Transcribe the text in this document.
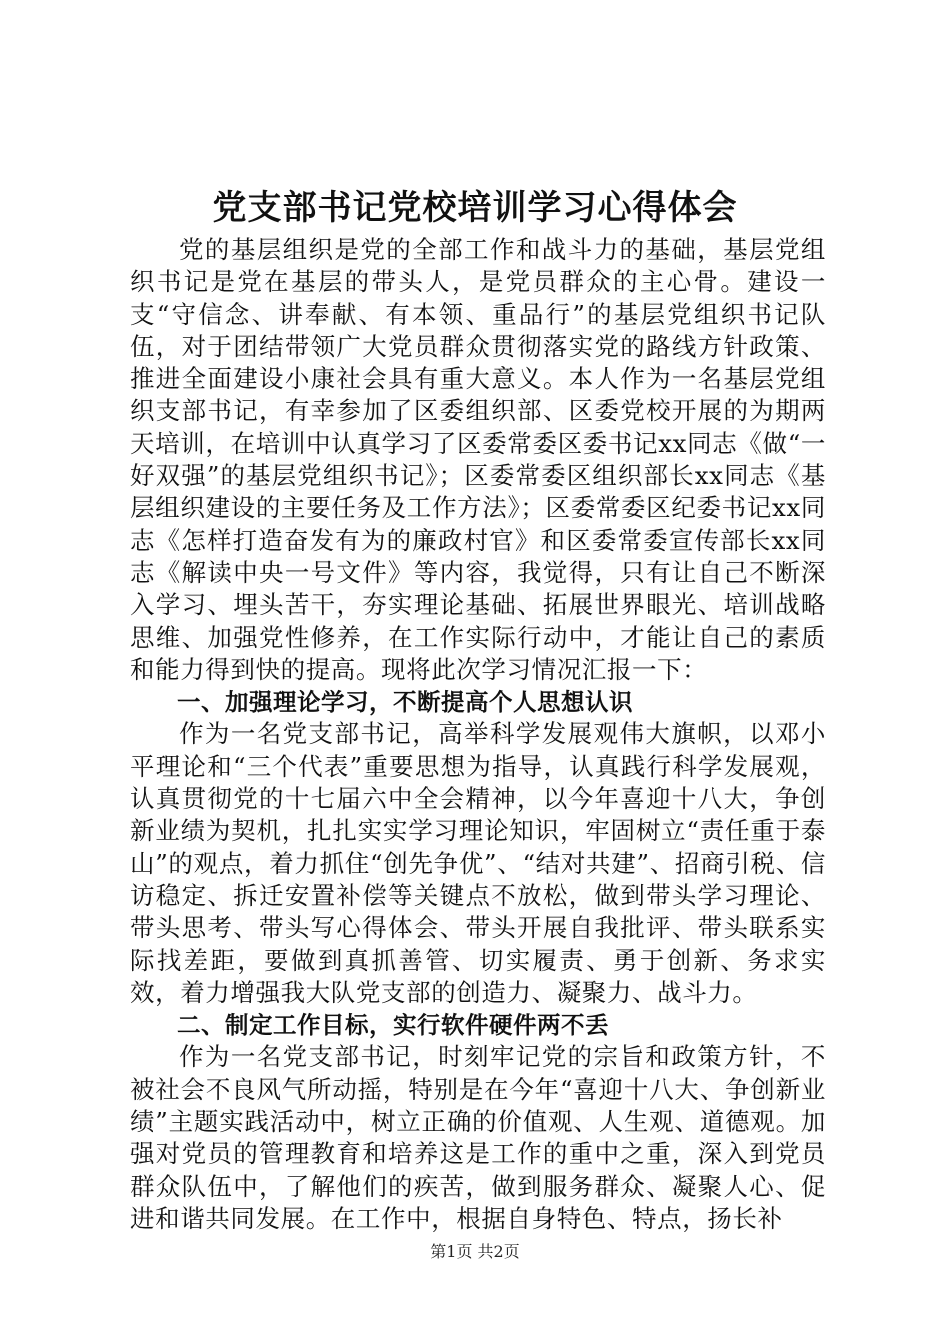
党支部书记党校培训学习心得体会

党的基层组织是党的全部工作和战斗力的基础，基层党组织书记是党在基层的带头人，是党员群众的主心骨。建设一支“守信念、讲奉献、有本领、重品行”的基层党组织书记队伍，对于团结带领广大党员群众贯彻落实党的路线方针政策、推进全面建设小康社会具有重大意义。本人作为一名基层党组织支部书记，有幸参加了区委组织部、区委党校开展的为期两天培训，在培训中认真学习了区委常委区委书记xx同志《做“一好双强”的基层党组织书记》；区委常委区组织部长xx同志《基层组织建设的主要任务及工作方法》；区委常委区纪委书记xx同志《怎样打造奋发有为的廉政村官》和区委常委宣传部长xx同志《解读中央一号文件》等内容，我觉得，只有让自己不断深入学习、埋头苦干，夯实理论基础、拓展世界眼光、培训战略思维、加强党性修养，在工作实际行动中，才能让自己的素质和能力得到快的提高。现将此次学习情况汇报一下：

一、加强理论学习，不断提高个人思想认识

作为一名党支部书记，高举科学发展观伟大旗帜，以邓小平理论和“三个代表”重要思想为指导，认真践行科学发展观，认真贯彻党的十七届六中全会精神，以今年喜迎十八大，争创新业绩为契机，扎扎实实学习理论知识，牢固树立“责任重于泰山”的观点，着力抓住“创先争优”、“结对共建”、招商引税、信访稳定、拆迁安置补偿等关键点不放松，做到带头学习理论、带头思考、带头写心得体会、带头开展自我批评、带头联系实际找差距，要做到真抓善管、切实履责、勇于创新、务求实效，着力增强我大队党支部的创造力、凝聚力、战斗力。

二、制定工作目标，实行软件硬件两不丢

作为一名党支部书记，时刻牢记党的宗旨和政策方针，不被社会不良风气所动摇，特别是在今年“喜迎十八大、争创新业绩”主题实践活动中，树立正确的价值观、人生观、道德观。加强对党员的管理教育和培养这是工作的重中之重，深入到党员群众队伍中，了解他们的疾苦，做到服务群众、凝聚人心、促进和谐共同发展。在工作中，根据自身特色、特点，扬长补

第1页 共2页
